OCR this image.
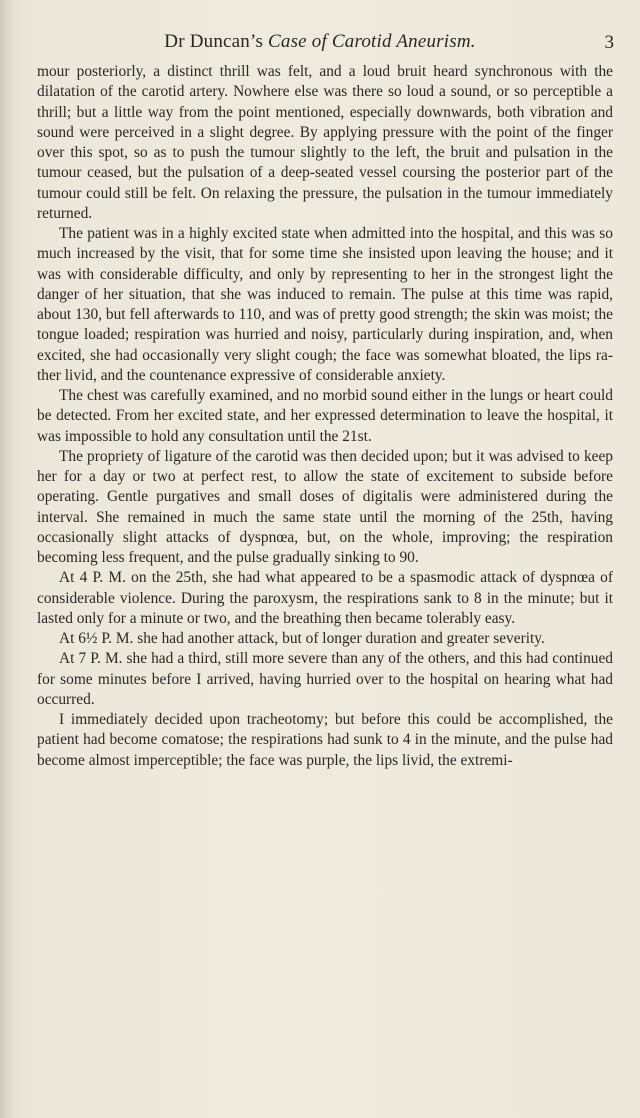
Dr Duncan’s Case of Carotid Aneurism.	3

mour posteriorly, a distinct thrill was felt, and a loud bruit heard synchronous with the dilatation of the carotid artery. Nowhere else was there so loud a sound, or so perceptible a thrill; but a little way from the point mentioned, especially downwards, both vibration and sound were perceived in a slight degree. By applying pressure with the point of the finger over this spot, so as to push the tumour slightly to the left, the bruit and pulsation in the tumour ceased, but the pulsation of a deep-seated vessel coursing the posterior part of the tumour could still be felt. On relaxing the pressure, the pulsation in the tumour immediately returned.

The patient was in a highly excited state when admitted into the hospital, and this was so much increased by the visit, that for some time she insisted upon leaving the house; and it was with considerable difficulty, and only by representing to her in the strongest light the danger of her situation, that she was induced to remain. The pulse at this time was rapid, about 130, but fell afterwards to 110, and was of pretty good strength; the skin was moist; the tongue loaded; respiration was hurried and noisy, particularly during inspiration, and, when excited, she had occasionally very slight cough; the face was somewhat bloated, the lips rather livid, and the countenance expressive of considerable anxiety.

The chest was carefully examined, and no morbid sound either in the lungs or heart could be detected. From her excited state, and her expressed determination to leave the hospital, it was impossible to hold any consultation until the 21st.

The propriety of ligature of the carotid was then decided upon; but it was advised to keep her for a day or two at perfect rest, to allow the state of excitement to subside before operating. Gentle purgatives and small doses of digitalis were administered during the interval. She remained in much the same state until the morning of the 25th, having occasionally slight attacks of dyspnœa, but, on the whole, improving; the respiration becoming less frequent, and the pulse gradually sinking to 90.

At 4 P. M. on the 25th, she had what appeared to be a spasmodic attack of dyspnœa of considerable violence. During the paroxysm, the respirations sank to 8 in the minute; but it lasted only for a minute or two, and the breathing then became tolerably easy.

At 6½ P. M. she had another attack, but of longer duration and greater severity.

At 7 P. M. she had a third, still more severe than any of the others, and this had continued for some minutes before I arrived, having hurried over to the hospital on hearing what had occurred.

I immediately decided upon tracheotomy; but before this could be accomplished, the patient had become comatose; the respirations had sunk to 4 in the minute, and the pulse had become almost imperceptible; the face was purple, the lips livid, the extremi-
